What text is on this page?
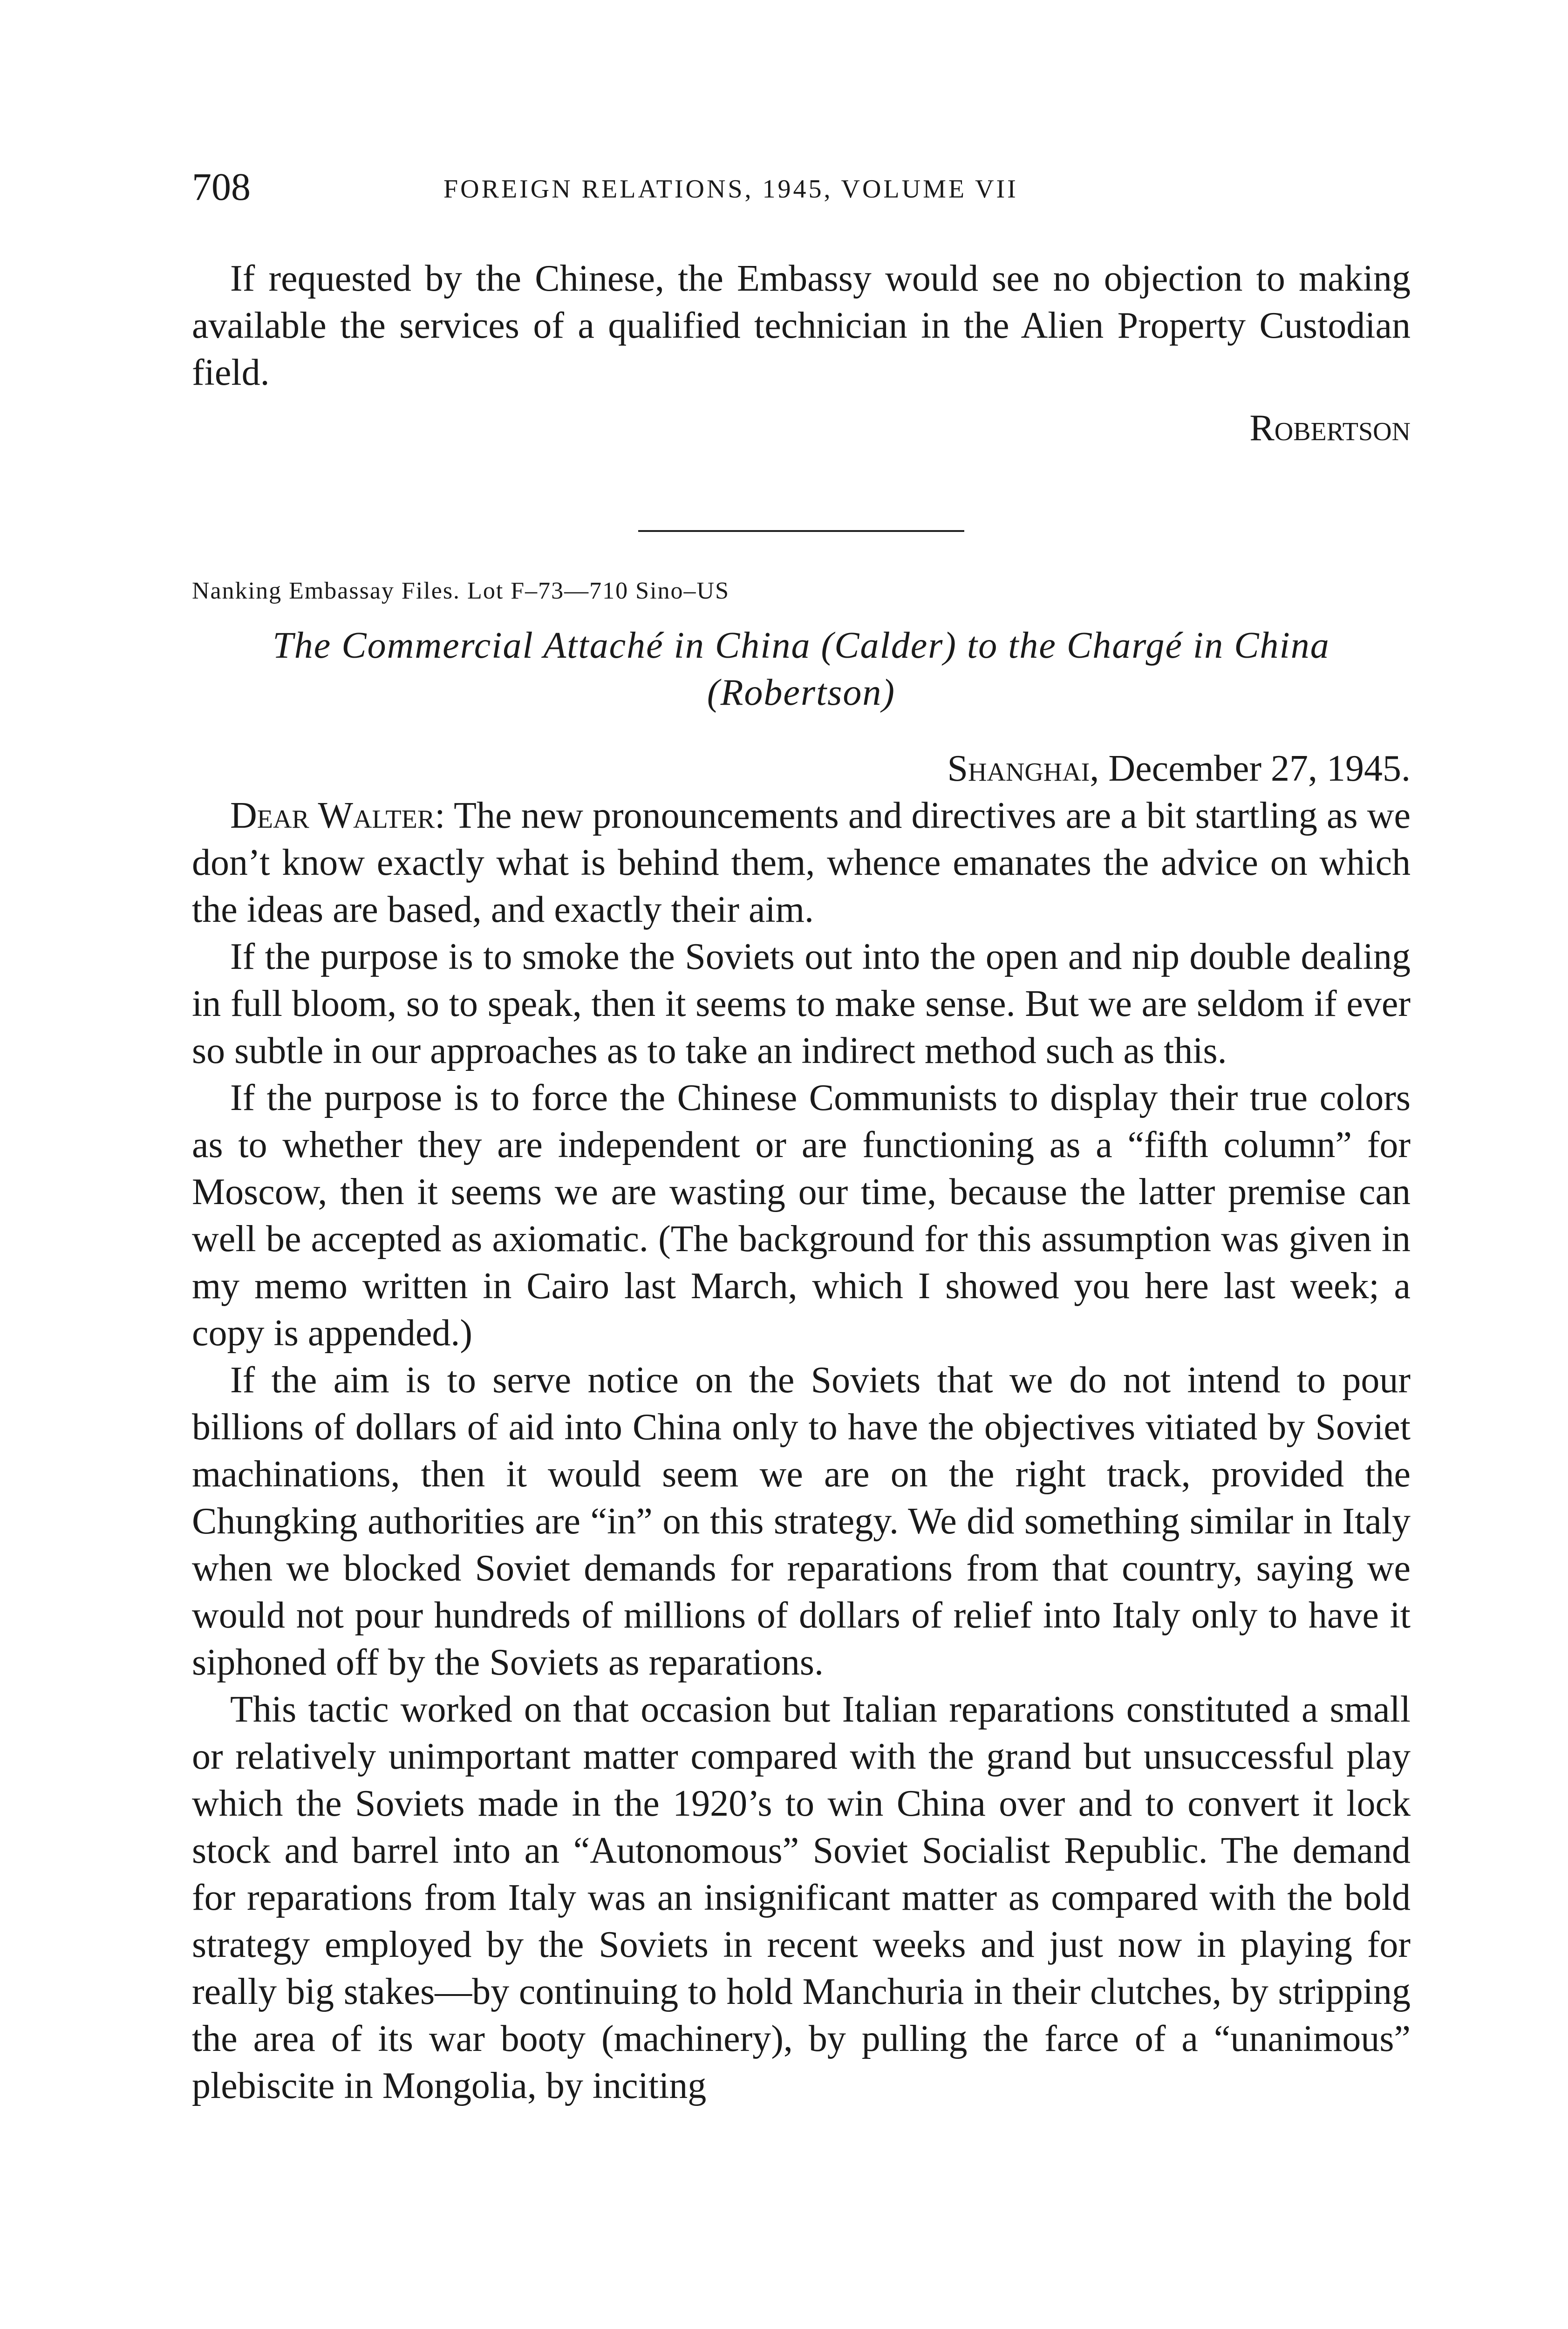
708	FOREIGN RELATIONS, 1945, VOLUME VII

If requested by the Chinese, the Embassy would see no objection to making available the services of a qualified technician in the Alien Property Custodian field.

Robertson
Nanking Embassay Files. Lot F–73—710 Sino–US
The Commercial Attaché in China (Calder) to the Chargé in China
(Robertson)
Shanghai, December 27, 1945.

Dear Walter: The new pronouncements and directives are a bit startling as we don’t know exactly what is behind them, whence emanates the advice on which the ideas are based, and exactly their aim.

If the purpose is to smoke the Soviets out into the open and nip double dealing in full bloom, so to speak, then it seems to make sense. But we are seldom if ever so subtle in our approaches as to take an indirect method such as this.

If the purpose is to force the Chinese Communists to display their true colors as to whether they are independent or are functioning as a “fifth column” for Moscow, then it seems we are wasting our time, because the latter premise can well be accepted as axiomatic. (The background for this assumption was given in my memo written in Cairo last March, which I showed you here last week; a copy is appended.)

If the aim is to serve notice on the Soviets that we do not intend to pour billions of dollars of aid into China only to have the objectives vitiated by Soviet machinations, then it would seem we are on the right track, provided the Chungking authorities are “in” on this strategy. We did something similar in Italy when we blocked Soviet demands for reparations from that country, saying we would not pour hundreds of millions of dollars of relief into Italy only to have it siphoned off by the Soviets as reparations.

This tactic worked on that occasion but Italian reparations constituted a small or relatively unimportant matter compared with the grand but unsuccessful play which the Soviets made in the 1920’s to win China over and to convert it lock stock and barrel into an “Autonomous” Soviet Socialist Republic. The demand for reparations from Italy was an insignificant matter as compared with the bold strategy employed by the Soviets in recent weeks and just now in playing for really big stakes—by continuing to hold Manchuria in their clutches, by stripping the area of its war booty (machinery), by pulling the farce of a “unanimous” plebiscite in Mongolia, by inciting
